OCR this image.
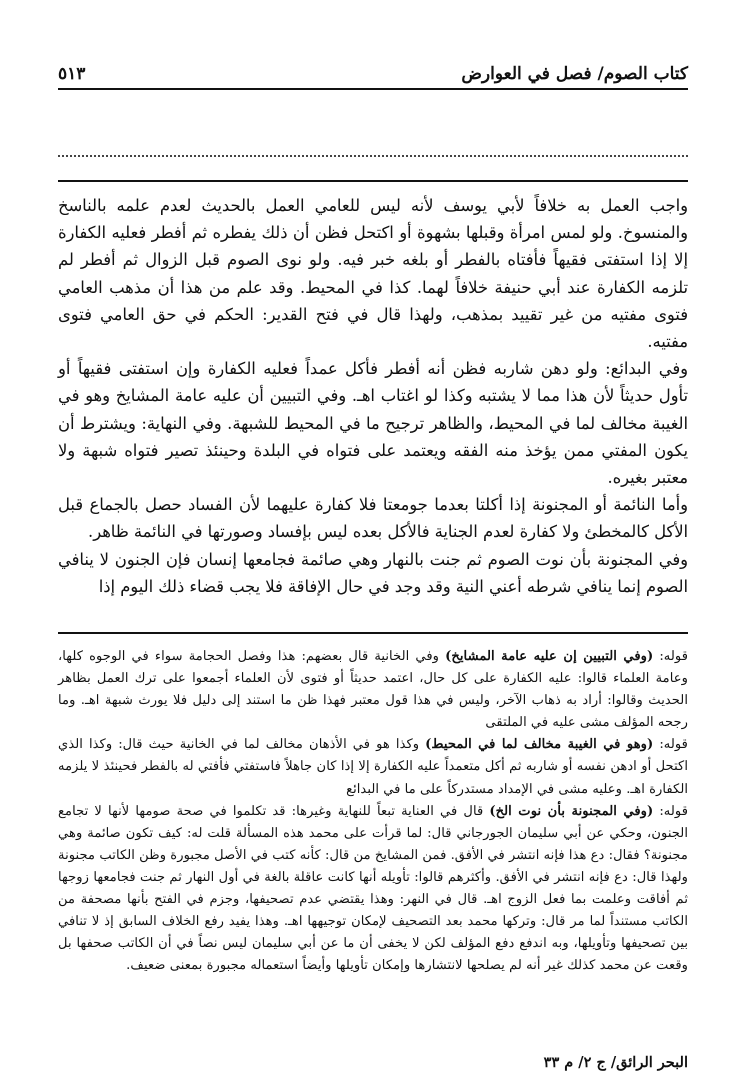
كتاب الصوم/ فصل في العوارض
٥١٣

واجب العمل به خلافاً لأبي يوسف لأنه ليس للعامي العمل بالحديث لعدم علمه بالناسخ والمنسوخ. ولو لمس امرأة وقبلها بشهوة أو اكتحل فظن أن ذلك يفطره ثم أفطر فعليه الكفارة إلا إذا استفتى فقيهاً فأفتاه بالفطر أو بلغه خبر فيه. ولو نوى الصوم قبل الزوال ثم أفطر لم تلزمه الكفارة عند أبي حنيفة خلافاً لهما. كذا في المحيط. وقد علم من هذا أن مذهب العامي فتوى مفتيه من غير تقييد بمذهب، ولهذا قال في فتح القدير: الحكم في حق العامي فتوى مفتيه.

وفي البدائع: ولو دهن شاربه فظن أنه أفطر فأكل عمداً فعليه الكفارة وإن استفتى فقيهاً أو تأول حديثاً لأن هذا مما لا يشتبه وكذا لو اغتاب اهـ. وفي التبيين أن عليه عامة المشايخ وهو في الغيبة مخالف لما في المحيط، والظاهر ترجيح ما في المحيط للشبهة. وفي النهاية: ويشترط أن يكون المفتي ممن يؤخذ منه الفقه ويعتمد على فتواه في البلدة وحينئذ تصير فتواه شبهة ولا معتبر بغيره.

وأما النائمة أو المجنونة إذا أكلتا بعدما جومعتا فلا كفارة عليهما لأن الفساد حصل بالجماع قبل الأكل كالمخطئ ولا كفارة لعدم الجناية فالأكل بعده ليس بإفساد وصورتها في النائمة ظاهر.

وفي المجنونة بأن نوت الصوم ثم جنت بالنهار وهي صائمة فجامعها إنسان فإن الجنون لا ينافي الصوم إنما ينافي شرطه أعني النية وقد وجد في حال الإفاقة فلا يجب قضاء ذلك اليوم إذا

قوله: (وفي التبيين إن عليه عامة المشايخ) وفي الخانية قال بعضهم: هذا وفصل الحجامة سواء في الوجوه كلها، وعامة العلماء قالوا: عليه الكفارة على كل حال، اعتمد حديثاً أو فتوى لأن العلماء أجمعوا على ترك العمل بظاهر الحديث وقالوا: أراد به ذهاب الآخر، وليس في هذا قول معتبر فهذا ظن ما استند إلى دليل فلا يورث شبهة اهـ. وما رجحه المؤلف مشى عليه في الملتقى

قوله: (وهو في الغيبة مخالف لما في المحيط) وكذا هو في الأذهان مخالف لما في الخانية حيث قال: وكذا الذي اكتحل أو ادهن نفسه أو شاربه ثم أكل متعمداً عليه الكفارة إلا إذا كان جاهلاً فاستفتي فأفتي له بالفطر فحينئذ لا يلزمه الكفارة اهـ. وعليه مشى في الإمداد مستدركاً على ما في البدائع

قوله: (وفي المجنونة بأن نوت الخ) قال في العناية تبعاً للنهاية وغيرها: قد تكلموا في صحة صومها لأنها لا تجامع الجنون، وحكي عن أبي سليمان الجورجاني قال: لما قرأت على محمد هذه المسألة قلت له: كيف تكون صائمة وهي مجنونة؟ فقال: دع هذا فإنه انتشر في الأفق. فمن المشايخ من قال: كأنه كتب في الأصل مجبورة وظن الكاتب مجنونة ولهذا قال: دع فإنه انتشر في الأفق. وأكثرهم قالوا: تأويله أنها كانت عاقلة بالغة في أول النهار ثم جنت فجامعها زوجها ثم أفاقت وعلمت بما فعل الزوج اهـ. قال في النهر: وهذا يقتضي عدم تصحيفها، وجزم في الفتح بأنها مصحفة من الكاتب مستنداً لما مر قال: وتركها محمد بعد التصحيف لإمكان توجيهها اهـ. وهذا يفيد رفع الخلاف السابق إذ لا تنافي بين تصحيفها وتأويلها، وبه اندفع دفع المؤلف لكن لا يخفى أن ما عن أبي سليمان ليس نصاً في أن الكاتب صحفها بل وقعت عن محمد كذلك غير أنه لم يصلحها لانتشارها وإمكان تأويلها وأيضاً استعماله مجبورة بمعنى ضعيف.

البحر الرائق/ ج ٢/ م ٣٣
